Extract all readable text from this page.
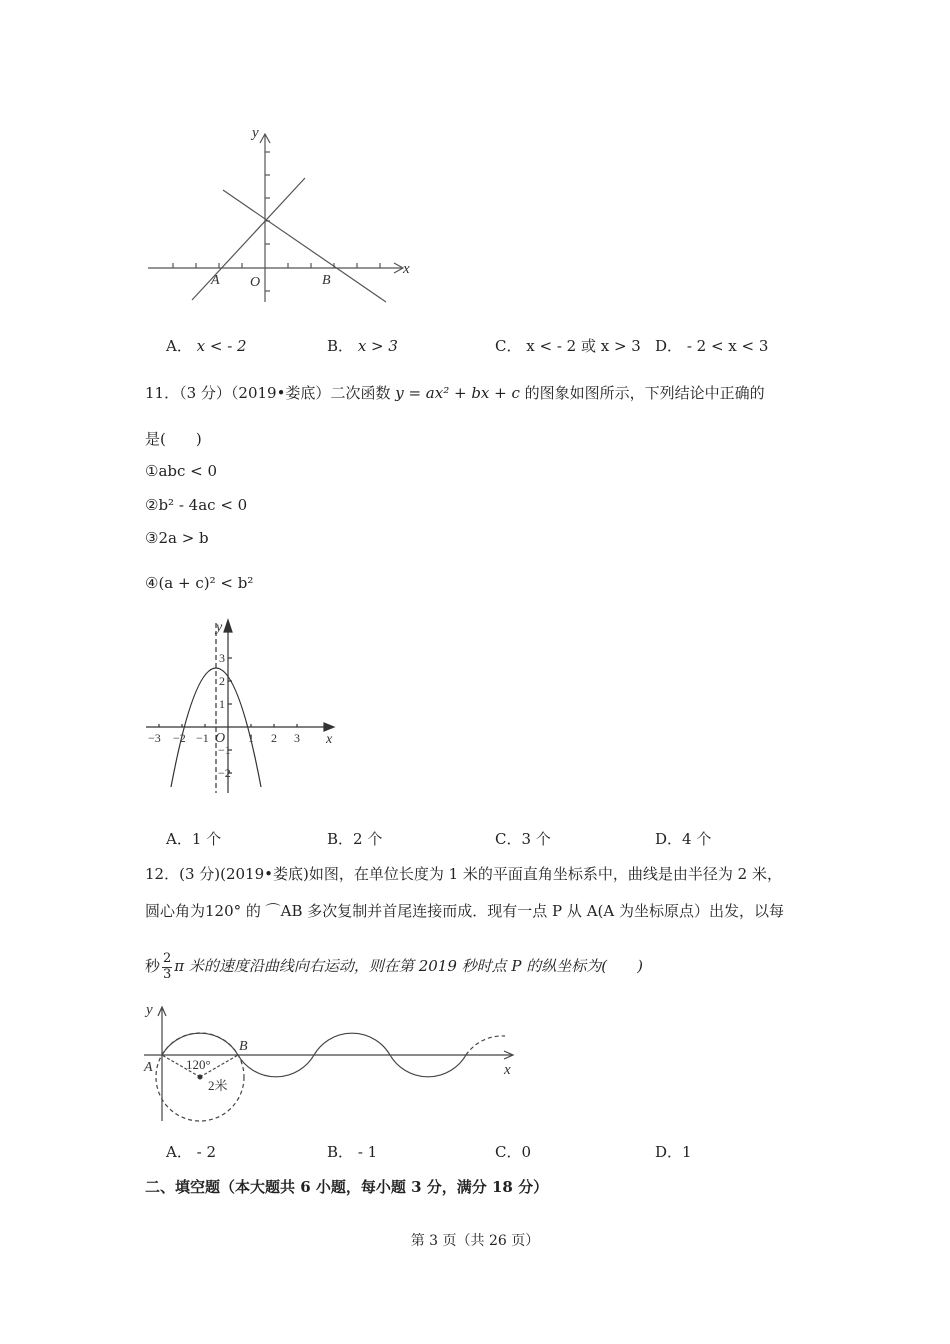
y
x
A O	B
A． x < - 2	B． x > 3	C． x < - 2 或 x > 3 D． - 2 < x < 3
11．（3 分）（2019•娄底）二次函数 y = ax² + bx + c 的图象如图所示，下列结论中正确的
是(　　)
①abc < 0
②b² - 4ac < 0
③2a > b
④(a + c)² < b²
y
x
O
−3 −2 −1	1 2 3
3
2
1
−1
−2
A．1 个	B．2 个	C．3 个	D．4 个
12．(3 分)(2019•娄底)如图，在单位长度为 1 米的平面直角坐标系中，曲线是由半径为 2 米，
圆心角为120° 的 ⌒AB 多次复制并首尾连接而成．现有一点 P 从 A(A 为坐标原点）出发，以每
秒 $\frac{2}{3}$ π 米的速度沿曲线向右运动，则在第 2019 秒时点 P 的纵坐标为(　　)
y
x
A
B
120°
2米
A． - 2	B． - 1	C．0	D．1
二、填空题（本大题共 6 小题，每小题 3 分，满分 18 分）
第 3 页（共 26 页）
